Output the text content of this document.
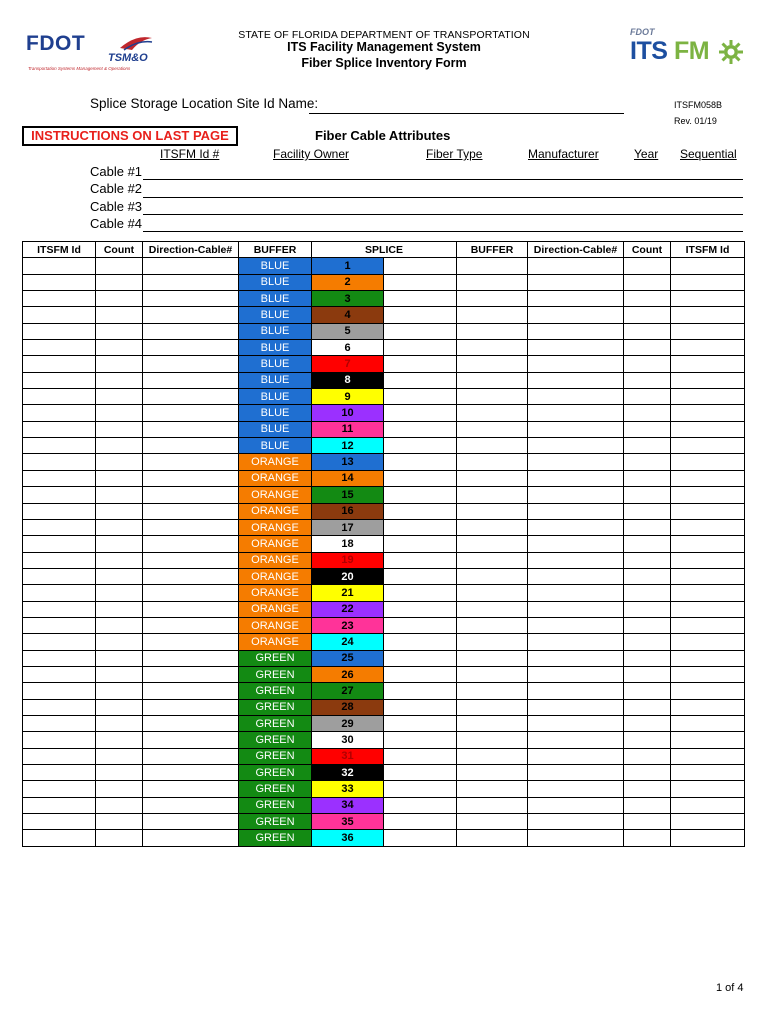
FDOT
TSM&O
Transportation Systems Management & Operations
STATE OF FLORIDA DEPARTMENT OF TRANSPORTATION
ITS Facility Management System
Fiber Splice Inventory Form
FDOT
ITS FM
Splice Storage Location Site Id Name:	ITSFM058B
Rev. 01/19
INSTRUCTIONS ON LAST PAGE	Fiber Cable Attributes
ITSFM Id #	Facility Owner	Fiber Type	Manufacturer	Year Sequential
Cable #1
Cable #2
Cable #3
Cable #4
ITSFM Id	Count	Direction-Cable#	BUFFER	SPLICE		BUFFER	Direction-Cable#	Count	ITSFM Id
			BLUE	1					
			BLUE	2					
			BLUE	3					
			BLUE	4					
			BLUE	5					
			BLUE	6					
			BLUE	7					
			BLUE	8					
			BLUE	9					
			BLUE	10					
			BLUE	11					
			BLUE	12					
			ORANGE	13					
			ORANGE	14					
			ORANGE	15					
			ORANGE	16					
			ORANGE	17					
			ORANGE	18					
			ORANGE	19					
			ORANGE	20					
			ORANGE	21					
			ORANGE	22					
			ORANGE	23					
			ORANGE	24					
			GREEN	25					
			GREEN	26					
			GREEN	27					
			GREEN	28					
			GREEN	29					
			GREEN	30					
			GREEN	31					
			GREEN	32					
			GREEN	33					
			GREEN	34					
			GREEN	35					
			GREEN	36					
1 of 4
